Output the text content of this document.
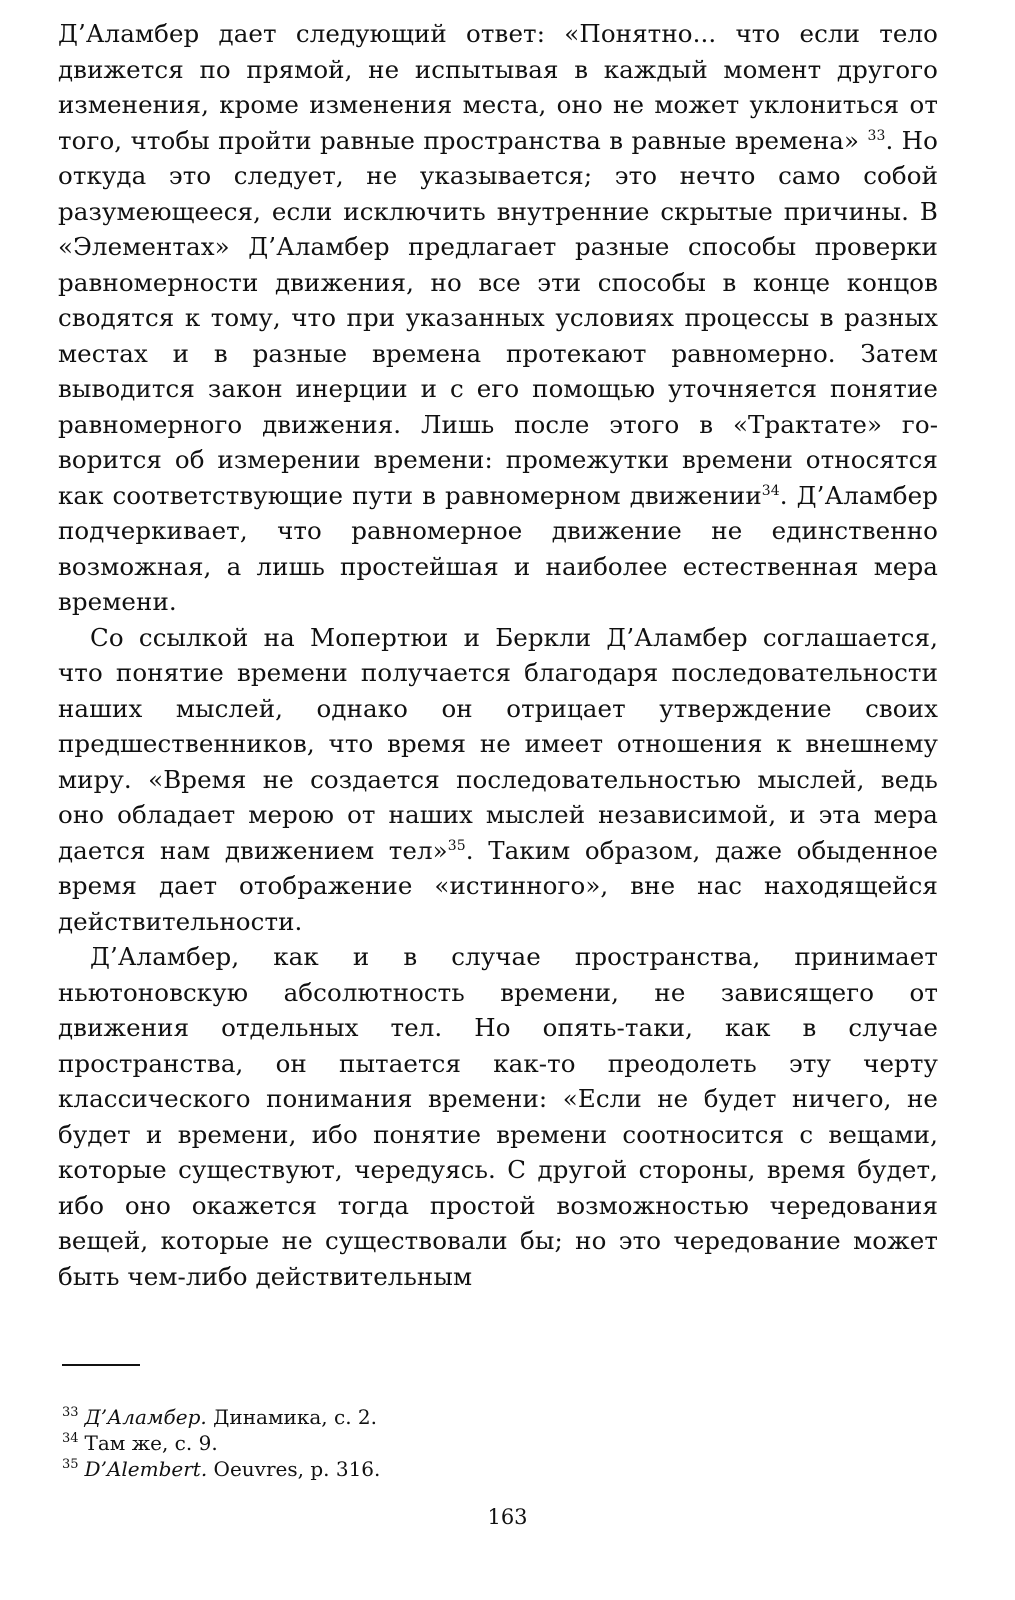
Д’Аламбер дает следующий ответ: «Понятно... что если тело движется по прямой, не испытывая в каждый момент другого изменения, кроме изменения места, оно не может уклониться от того, чтобы пройти равные пространства в равные времена» $^{33}$. Но откуда это следует, не указывается; это нечто само собой разумеющееся, если исключить внутренние скрытые причины. В «Элементах» Д’Аламбер предлагает разные способы проверки равномерности движения, но все эти способы в конце концов сводятся к тому, что при указанных условиях процессы в разных местах и в разные времена протекают равномерно. Затем выводится закон инерции и с его помощью уточняется понятие равномерного движения. Лишь после этого в «Трактате» говорится об измерении времени: промежутки времени относятся как соответствующие пути в равномерном движении$^{34}$. Д’Аламбер подчеркивает, что равномерное движение не единственно возможная, а лишь простейшая и наиболее естественная мера времени.

Со ссылкой на Мопертюи и Беркли Д’Аламбер соглашается, что понятие времени получается благодаря последовательности наших мыслей, однако он отрицает утверждение своих предшественников, что время не имеет отношения к внешнему миру. «Время не создается последовательностью мыслей, ведь оно обладает мерою от наших мыслей независимой, и эта мера дается нам движением тел»$^{35}$. Таким образом, даже обыденное время дает отображение «истинного», вне нас находящейся действительности.

Д’Аламбер, как и в случае пространства, принимает ньютоновскую абсолютность времени, не зависящего от движения отдельных тел. Но опять-таки, как в случае пространства, он пытается как-то преодолеть эту черту классического понимания времени: «Если не будет ничего, не будет и времени, ибо понятие времени соотносится с вещами, которые существуют, чередуясь. С другой стороны, время будет, ибо оно окажется тогда простой возможностью чередования вещей, которые не существовали бы; но это чередование может быть чем-либо действительным

$^{33}$ Д’Аламбер. Динамика, с. 2.

$^{34}$ Там же, с. 9.

$^{35}$ D’Alembert. Oeuvres, p. 316.

163
